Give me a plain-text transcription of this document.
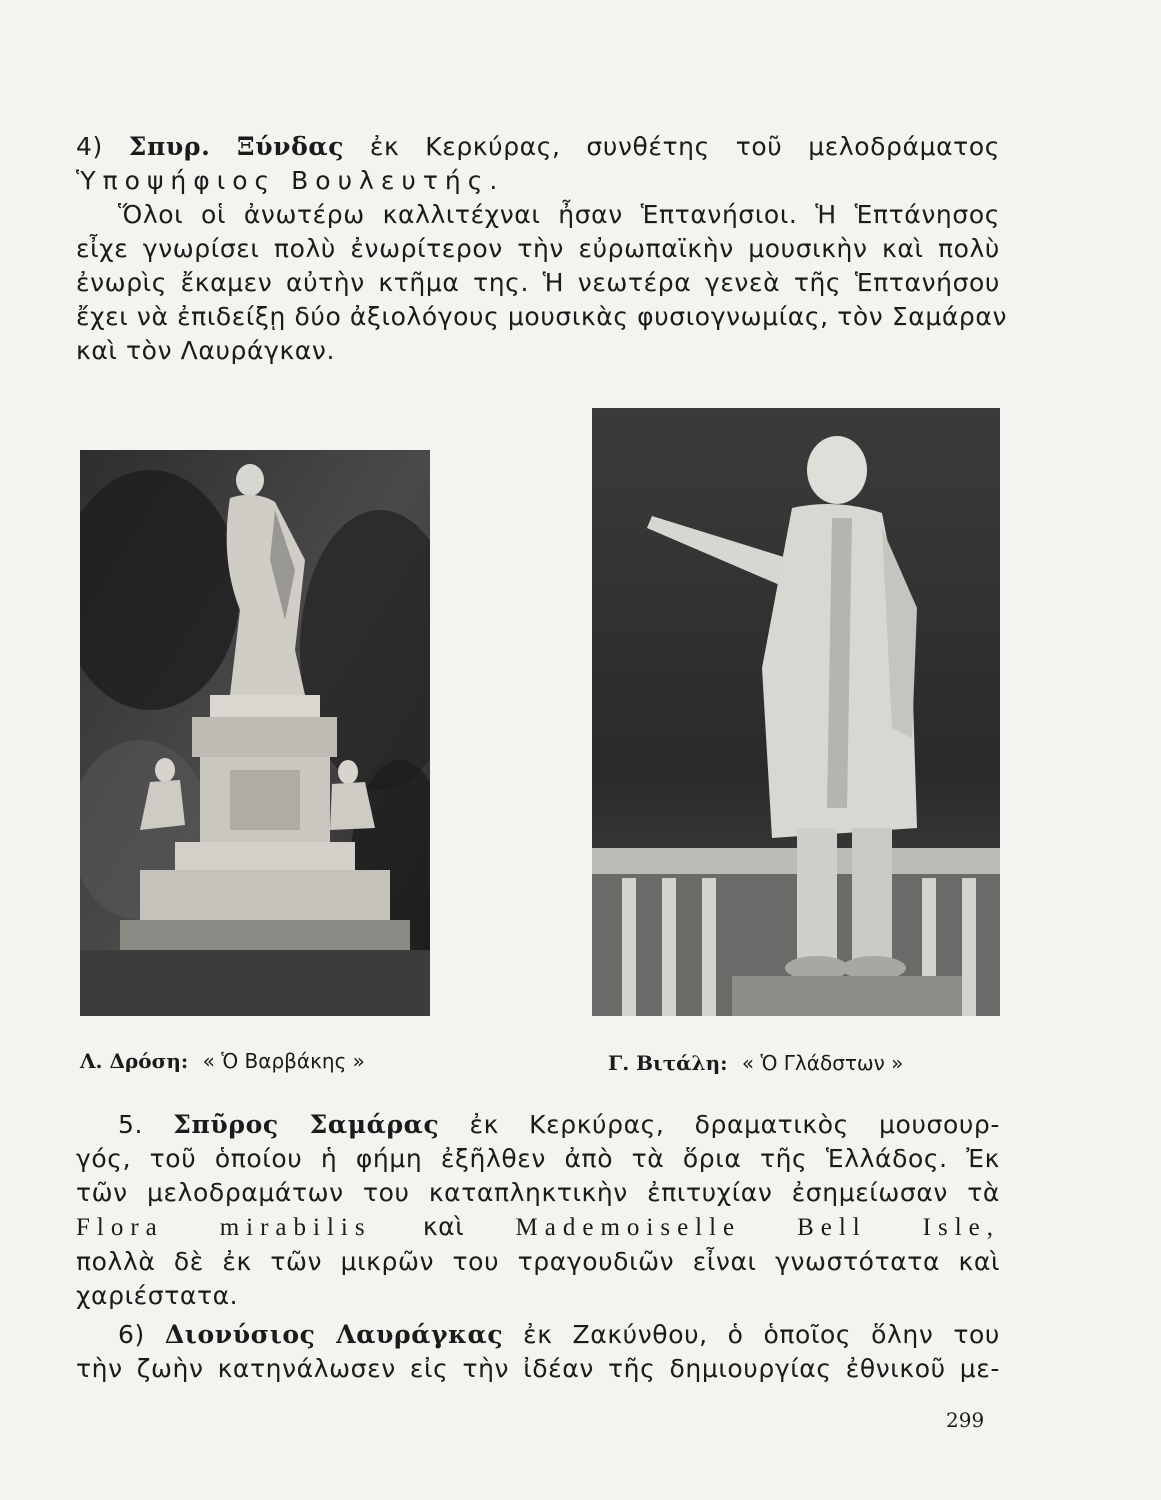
4) Σπυρ. Ξύνδας ἐκ Κερκύρας, συνθέτης τοῦ μελοδράματος
Ὑποψήφιος Βουλευτής.
Ὅλοι οἱ ἀνωτέρω καλλιτέχναι ἦσαν Ἑπτανήσιοι. Ἡ Ἑπτάνησος
εἶχε γνωρίσει πολὺ ἐνωρίτερον τὴν εὐρωπαϊκὴν μουσικὴν καὶ πολὺ
ἐνωρὶς ἔκαμεν αὐτὴν κτῆμα της. Ἡ νεωτέρα γενεὰ τῆς Ἑπτανήσου
ἔχει νὰ ἐπιδείξῃ δύο ἀξιολόγους μουσικὰς φυσιογνωμίας, τὸν Σαμάραν
καὶ τὸν Λαυράγκαν.
Λ. Δρόση: « Ὁ Βαρβάκης »	Γ. Βιτάλη: « Ὁ Γλάδστων »
5. Σπῦρος Σαμάρας ἐκ Κερκύρας, δραματικὸς μουσουρ-
γός, τοῦ ὁποίου ἡ φήμη ἐξῆλθεν ἀπὸ τὰ ὅρια τῆς Ἑλλάδος. Ἐκ
τῶν μελοδραμάτων του καταπληκτικὴν ἐπιτυχίαν ἐσημείωσαν τὰ
Flora mirabilis καὶ Mademoiselle Bell Isle,
πολλὰ δὲ ἐκ τῶν μικρῶν του τραγουδιῶν εἶναι γνωστότατα καὶ
χαριέστατα.
6) Διονύσιος Λαυράγκας ἐκ Ζακύνθου, ὁ ὁποῖος ὅλην του
τὴν ζωὴν κατηνάλωσεν εἰς τὴν ἰδέαν τῆς δημιουργίας ἐθνικοῦ με-
299
